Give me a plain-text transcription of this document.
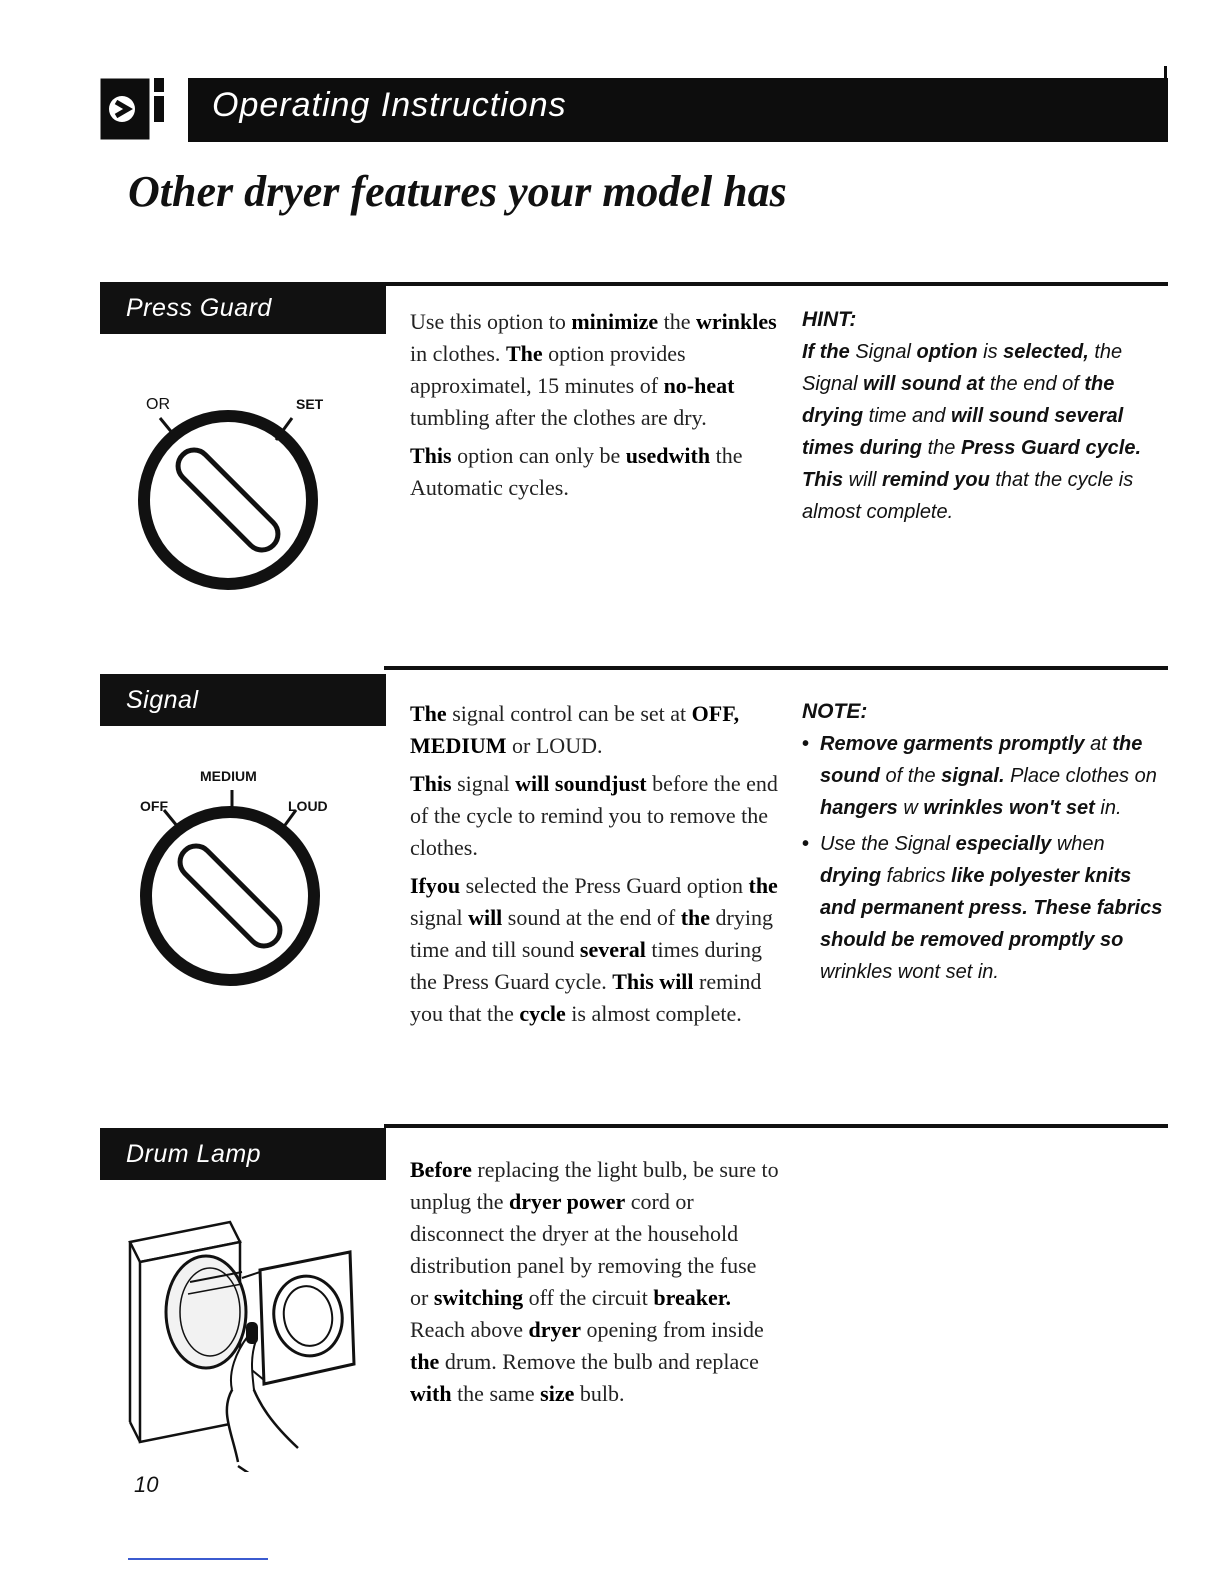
Operating Instructions
Other dryer features your model has
Press Guard
OR	SET

Use this option to minimize the wrinkles in clothes. The option provides approximatel, 15 minutes of no-heat tumbling after the clothes are dry.

This option can only be usedwith the Automatic cycles.

HINT:

If the Signal option is selected, the Signal will sound at the end of the drying time and will sound several times during the Press Guard cycle. This will remind you that the cycle is almost complete.

Signal
MEDIUM
OFF	LOUD

The signal control can be set at OFF, MEDIUM or LOUD.

This signal will soundjust before the end of the cycle to remind you to remove the clothes.

Ifyou selected the Press Guard option the signal will sound at the end of the drying time and till sound several times during the Press Guard cycle. This will remind you that the cycle is almost complete.

NOTE:

• Remove garments promptly at the sound of the signal. Place clothes on hangers w wrinkles won't set in.
• Use the Signal especially when drying fabrics like polyester knits and permanent press. These fabrics should be removed promptly so wrinkles wont set in.
Drum Lamp

Before replacing the light bulb, be sure to unplug the dryer power cord or disconnect the dryer at the household distribution panel by removing the fuse or switching off the circuit breaker. Reach above dryer opening from inside the drum. Remove the bulb and replace with the same size bulb.

10
